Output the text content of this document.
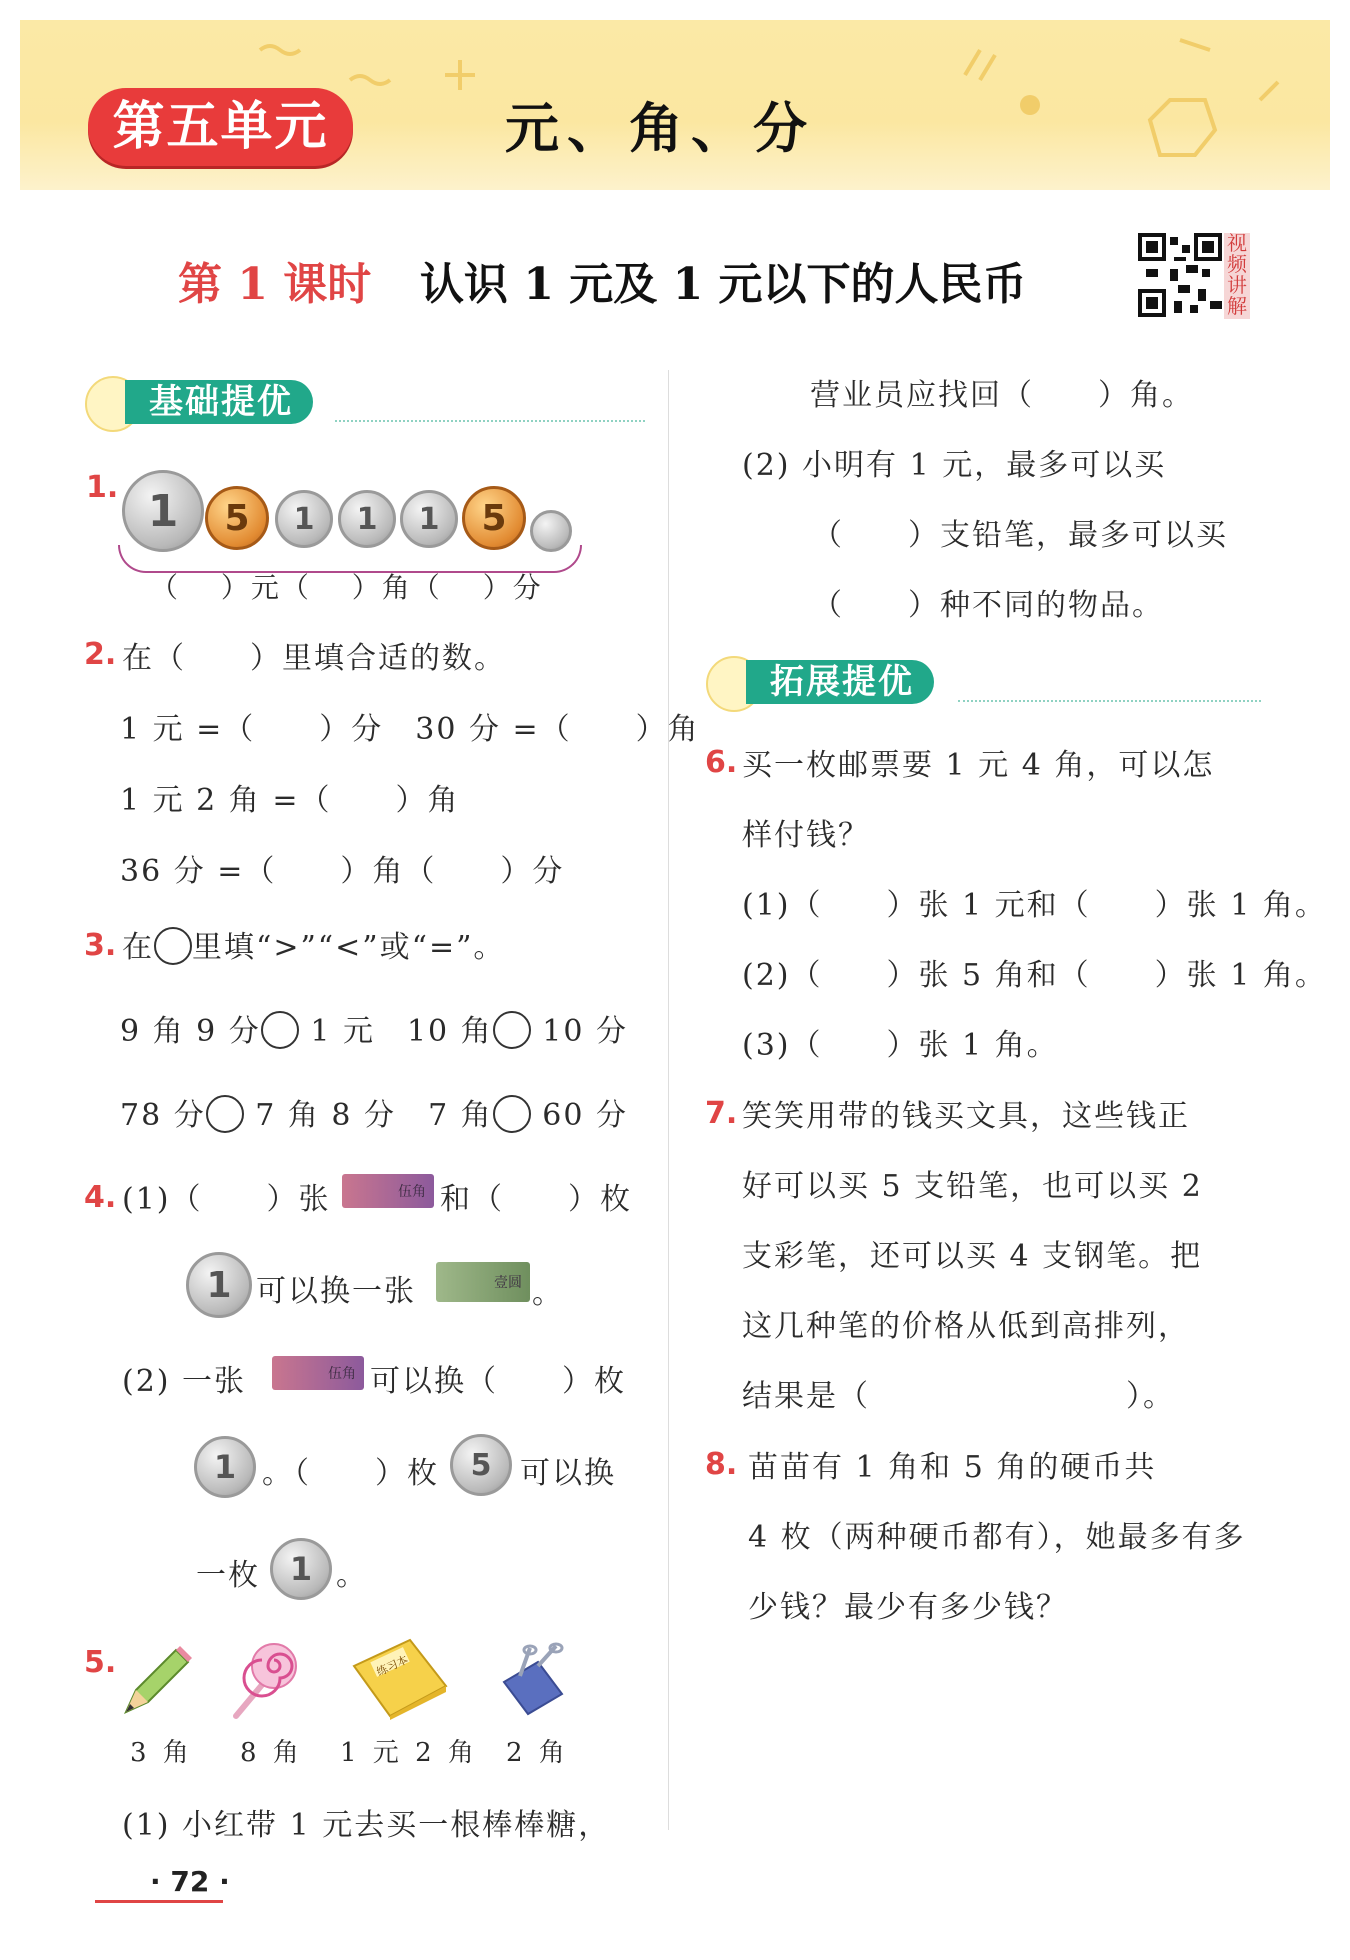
第五单元	元、角、分
第 1 课时 认识 1 元及 1 元以下的人民币
视频讲解
基础提优
1. 1	5	1	1	1	5
（　 ）元（　 ）角（　 ）分
2. 在（　　）里填合适的数。
1 元 =（　　）分　30 分 =（　　）角
1 元 2 角 =（　　）角
36 分 =（　　）角（　　）分
3. 在 里填“>”“<”或“=”。
9 角 9 分 1 元　 10 角 10 分
78 分 7 角 8 分　 7 角 60 分
4. (1)（　　）张	伍角 和（　　）枚
1 可以换一张	壹圆 。
(2) 一张	伍角 可以换（　　）枚
1 。（　　）枚	5 可以换
一枚 1 。
5.	练习本
3 角 8 角 1 元 2 角 2 角
(1) 小红带 1 元去买一根棒棒糖，
· 72 ·
营业员应找回（　　）角。
(2) 小明有 1 元，最多可以买
（　　）支铅笔，最多可以买
（　　）种不同的物品。
拓展提优
6. 买一枚邮票要 1 元 4 角，可以怎
样付钱？
(1)（　　）张 1 元和（　　）张 1 角。
(2)（　　）张 5 角和（　　）张 1 角。
(3)（　　）张 1 角。
7. 笑笑用带的钱买文具，这些钱正
好可以买 5 支铅笔，也可以买 2
支彩笔，还可以买 4 支钢笔。把
这几种笔的价格从低到高排列，
结果是（　　　　　　　　）。
8. 苗苗有 1 角和 5 角的硬币共
4 枚（两种硬币都有），她最多有多
少钱？最少有多少钱？
